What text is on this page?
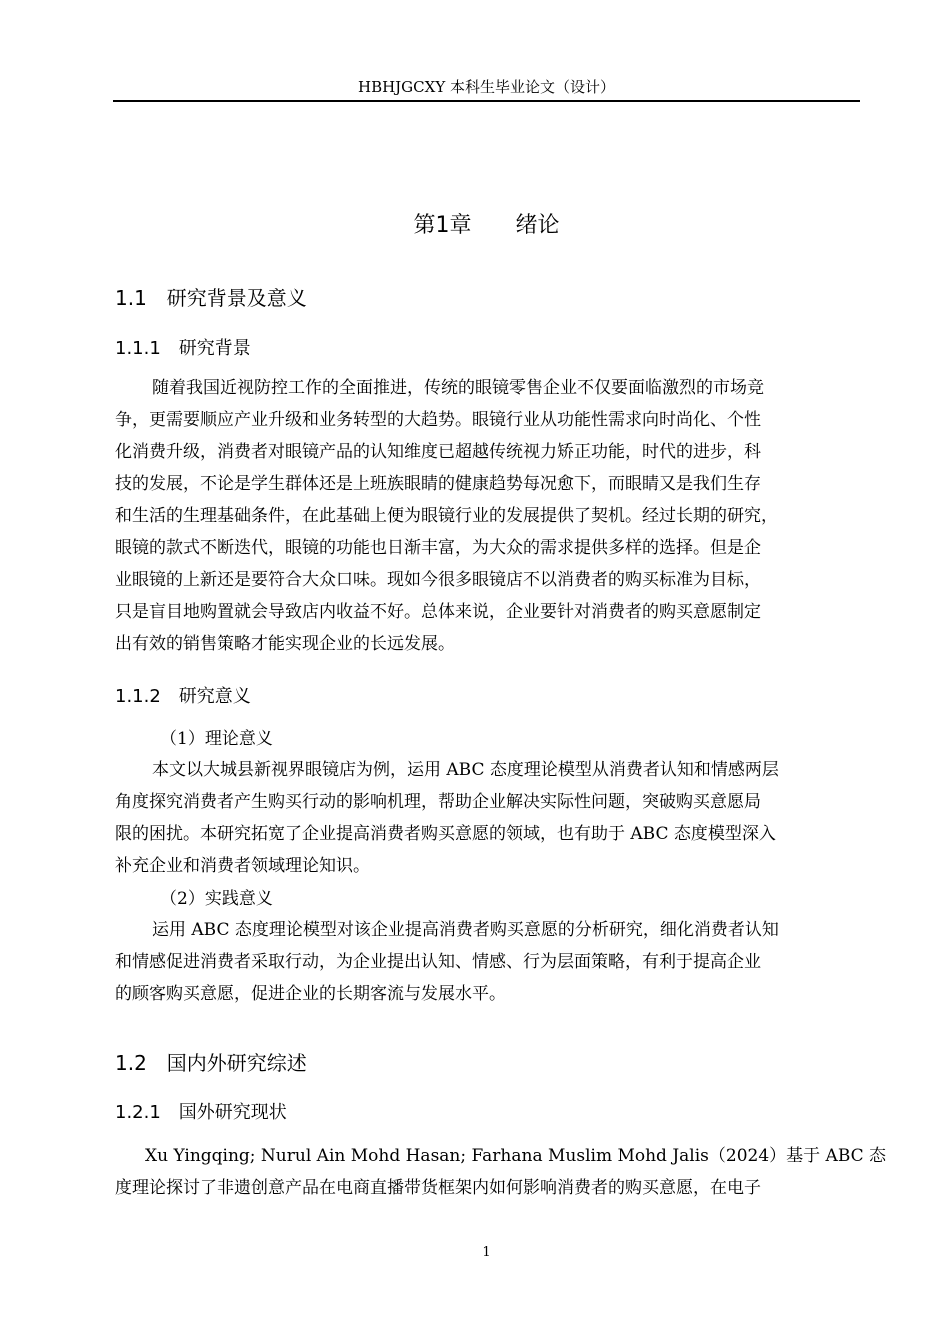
HBHJGCXY 本科生毕业论文（设计）
第1章　　绪论
1.1　研究背景及意义
1.1.1　研究背景
随着我国近视防控工作的全面推进，传统的眼镜零售企业不仅要面临激烈的市场竞
争，更需要顺应产业升级和业务转型的大趋势。眼镜行业从功能性需求向时尚化、个性
化消费升级，消费者对眼镜产品的认知维度已超越传统视力矫正功能，时代的进步，科
技的发展，不论是学生群体还是上班族眼睛的健康趋势每况愈下，而眼睛又是我们生存
和生活的生理基础条件，在此基础上便为眼镜行业的发展提供了契机。经过长期的研究，
眼镜的款式不断迭代，眼镜的功能也日渐丰富，为大众的需求提供多样的选择。但是企
业眼镜的上新还是要符合大众口味。现如今很多眼镜店不以消费者的购买标准为目标，
只是盲目地购置就会导致店内收益不好。总体来说，企业要针对消费者的购买意愿制定
出有效的销售策略才能实现企业的长远发展。
1.1.2　研究意义
（1）理论意义
本文以大城县新视界眼镜店为例，运用 ABC 态度理论模型从消费者认知和情感两层
角度探究消费者产生购买行动的影响机理，帮助企业解决实际性问题，突破购买意愿局
限的困扰。本研究拓宽了企业提高消费者购买意愿的领域，也有助于 ABC 态度模型深入
补充企业和消费者领域理论知识。
（2）实践意义
运用 ABC 态度理论模型对该企业提高消费者购买意愿的分析研究，细化消费者认知
和情感促进消费者采取行动，为企业提出认知、情感、行为层面策略，有利于提高企业
的顾客购买意愿，促进企业的长期客流与发展水平。
1.2　国内外研究综述
1.2.1　国外研究现状
Xu Yingqing; Nurul Ain Mohd Hasan; Farhana Muslim Mohd Jalis（2024）基于 ABC 态
度理论探讨了非遗创意产品在电商直播带货框架内如何影响消费者的购买意愿，在电子
1
